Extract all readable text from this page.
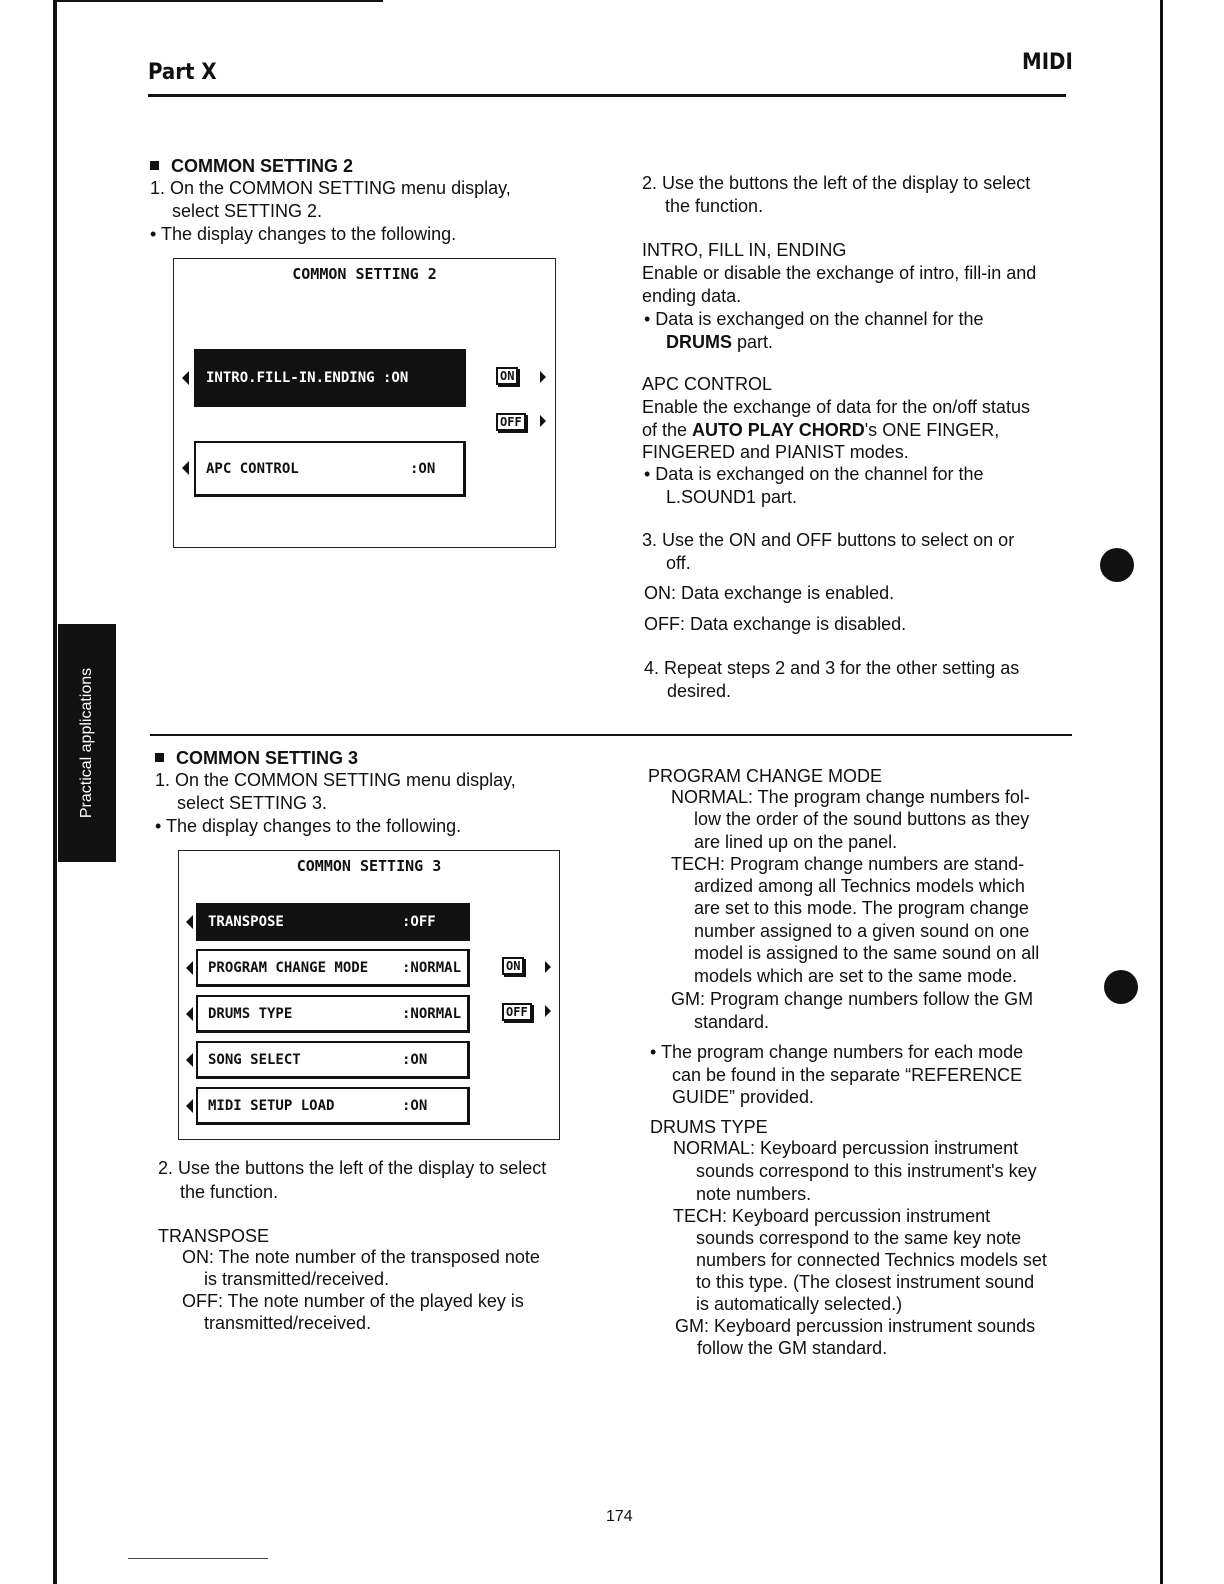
Part X	MIDI
Practical applications
COMMON SETTING 2
1. On the COMMON SETTING menu display,
select SETTING 2.
• The display changes to the following.
COMMON SETTING 2
INTRO.FILL-IN.ENDING :ON
APC CONTROL	:ON
ON
OFF
2. Use the buttons the left of the display to select
the function.
INTRO, FILL IN, ENDING
Enable or disable the exchange of intro, fill-in and
ending data.
• Data is exchanged on the channel for the
DRUMS part.
APC CONTROL
Enable the exchange of data for the on/off status
of the AUTO PLAY CHORD's ONE FINGER,
FINGERED and PIANIST modes.
• Data is exchanged on the channel for the
L.SOUND1 part.
3. Use the ON and OFF buttons to select on or
off.
ON: Data exchange is enabled.
OFF: Data exchange is disabled.
4. Repeat steps 2 and 3 for the other setting as
desired.
COMMON SETTING 3
1. On the COMMON SETTING menu display,
select SETTING 3.
• The display changes to the following.
COMMON SETTING 3
TRANSPOSE	:OFF
PROGRAM CHANGE MODE :NORMAL
DRUMS TYPE	:NORMAL
SONG SELECT	:ON
MIDI SETUP LOAD	:ON
ON
OFF
2. Use the buttons the left of the display to select
the function.
TRANSPOSE
ON: The note number of the transposed note
is transmitted/received.
OFF: The note number of the played key is
transmitted/received.
PROGRAM CHANGE MODE
NORMAL: The program change numbers fol-
low the order of the sound buttons as they
are lined up on the panel.
TECH: Program change numbers are stand-
ardized among all Technics models which
are set to this mode. The program change
number assigned to a given sound on one
model is assigned to the same sound on all
models which are set to the same mode.
GM: Program change numbers follow the GM
standard.
• The program change numbers for each mode
can be found in the separate “REFERENCE
GUIDE” provided.
DRUMS TYPE
NORMAL: Keyboard percussion instrument
sounds correspond to this instrument's key
note numbers.
TECH: Keyboard percussion instrument
sounds correspond to the same key note
numbers for connected Technics models set
to this type. (The closest instrument sound
is automatically selected.)
GM: Keyboard percussion instrument sounds
follow the GM standard.
174
